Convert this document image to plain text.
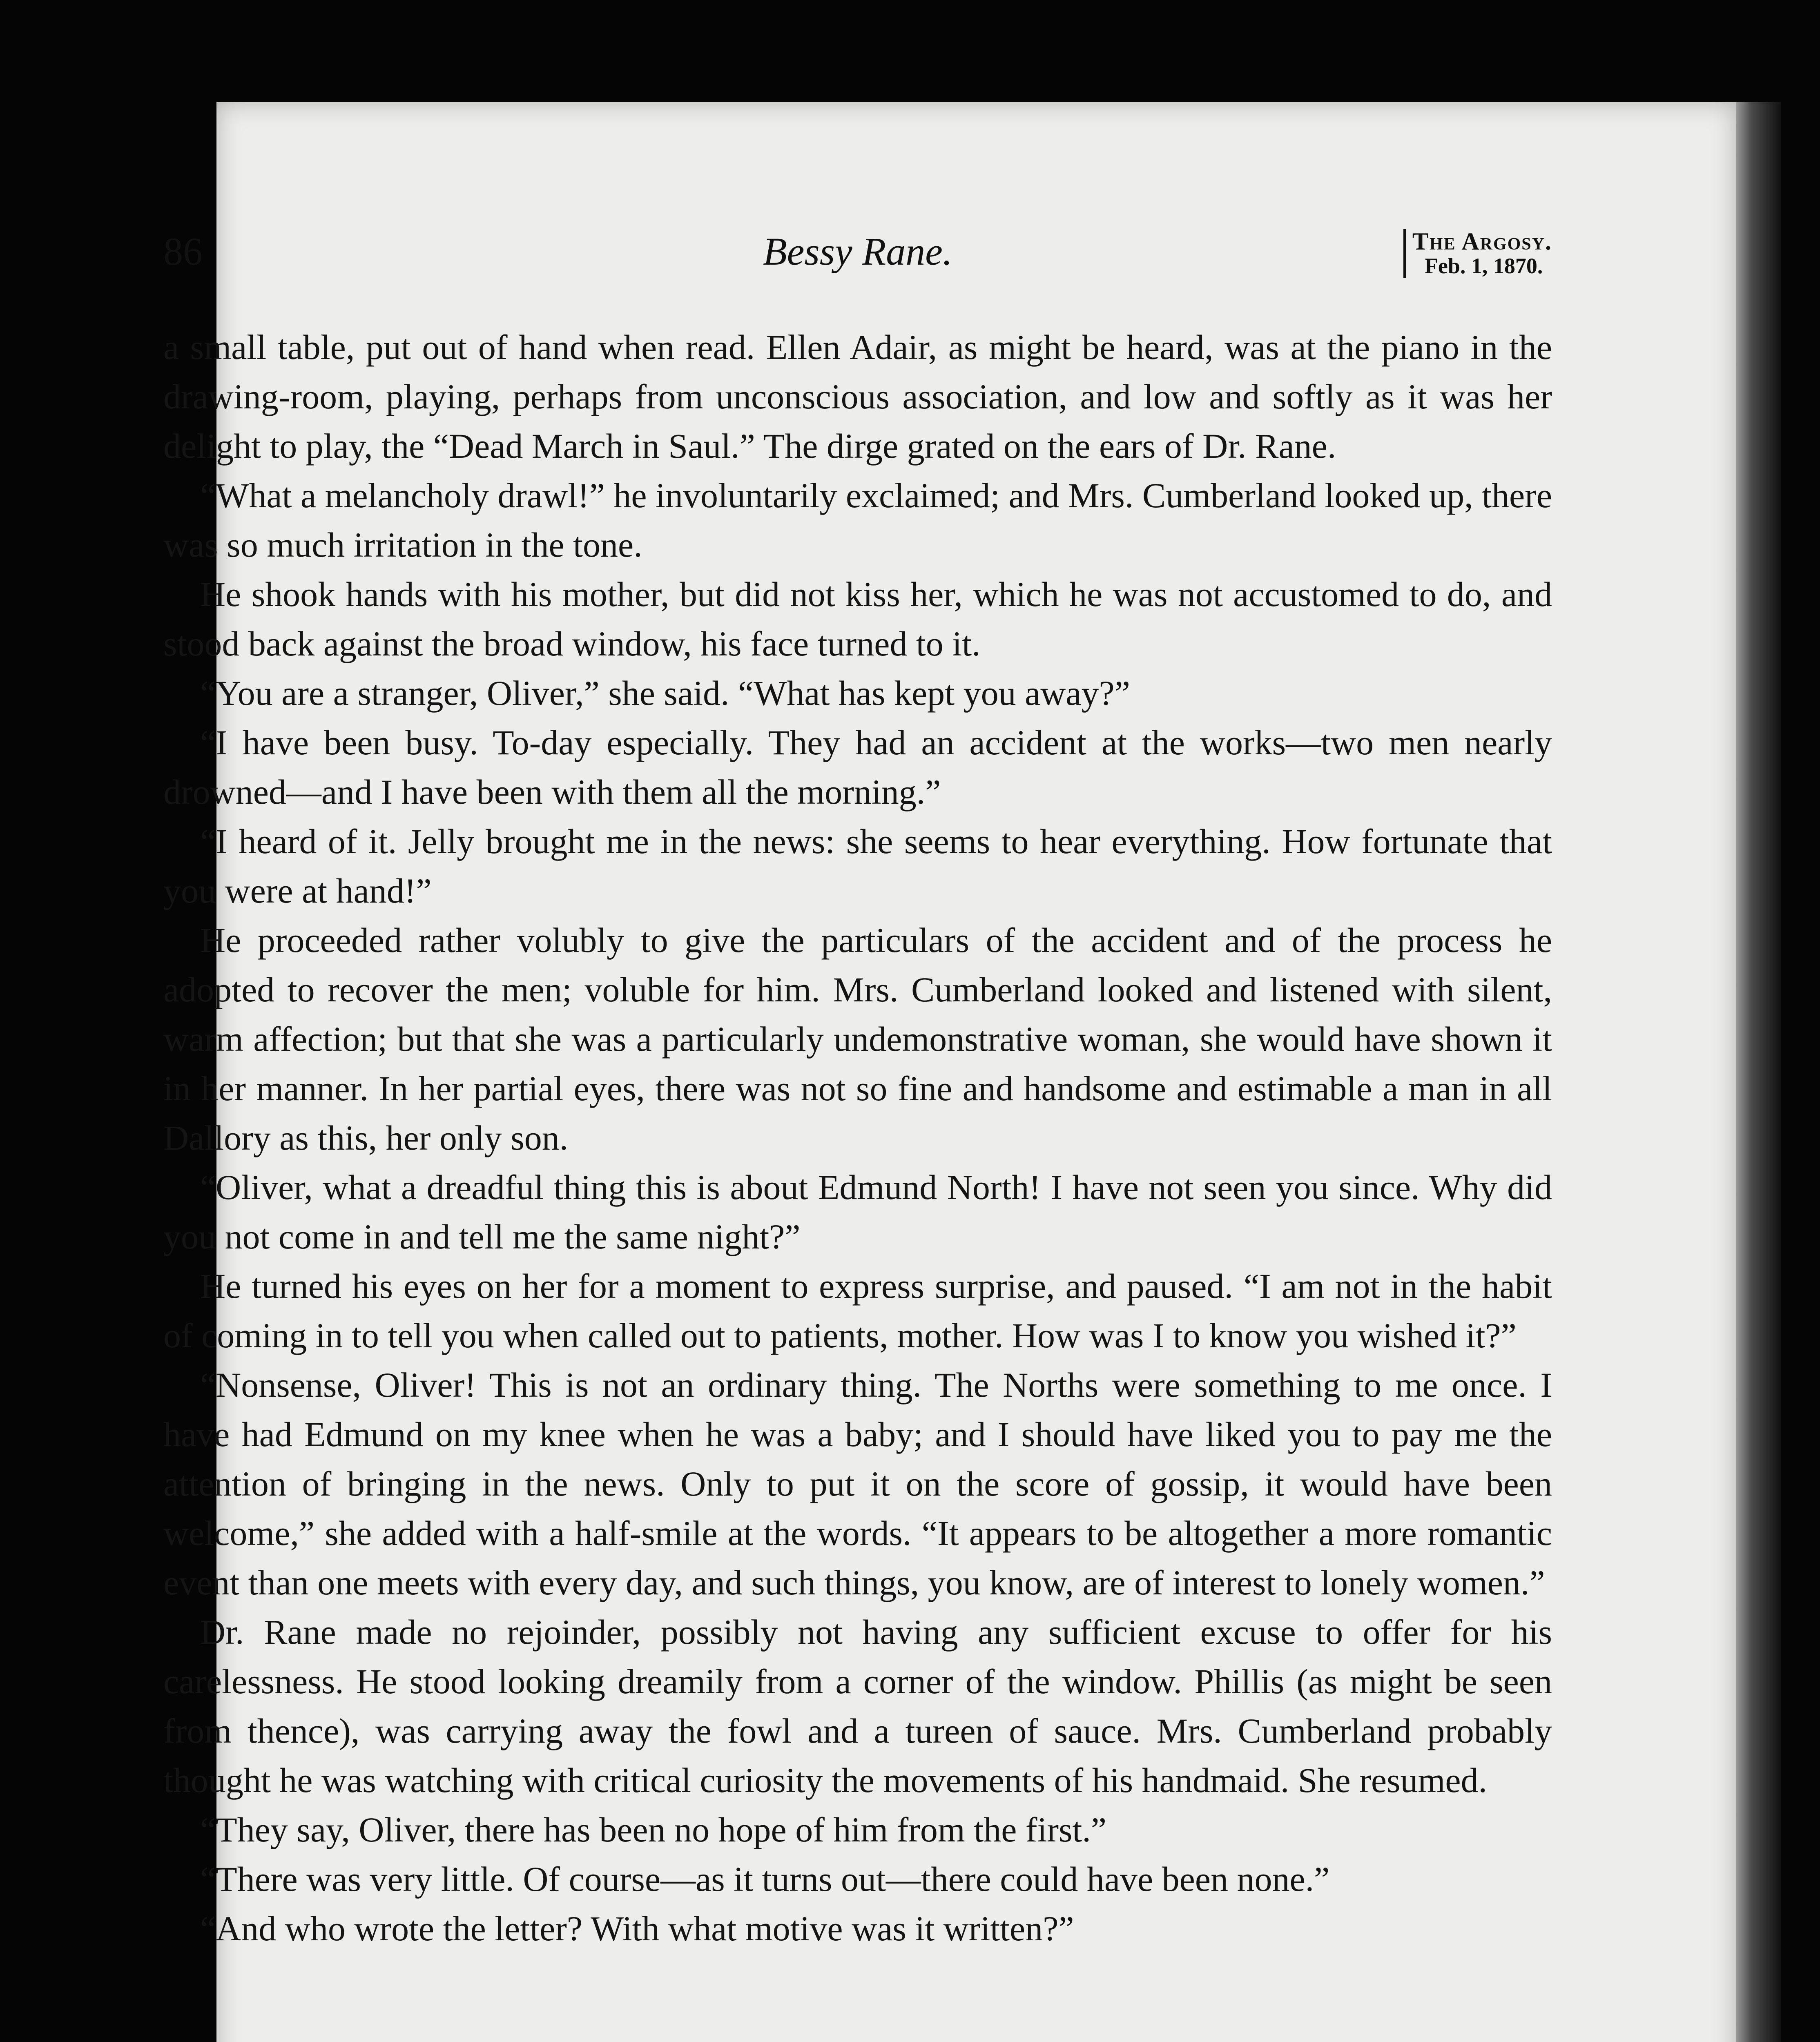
86	Bessy Rane.	The Argosy.
Feb. 1, 1870.

a small table, put out of hand when read. Ellen Adair, as might be heard, was at the piano in the drawing-room, playing, perhaps from unconscious association, and low and softly as it was her delight to play, the “Dead March in Saul.” The dirge grated on the ears of Dr. Rane.

“What a melancholy drawl!” he involuntarily exclaimed; and Mrs. Cumberland looked up, there was so much irritation in the tone.

He shook hands with his mother, but did not kiss her, which he was not accustomed to do, and stood back against the broad window, his face turned to it.

“You are a stranger, Oliver,” she said. “What has kept you away?”

“I have been busy. To-day especially. They had an accident at the works—two men nearly drowned—and I have been with them all the morning.”

“I heard of it. Jelly brought me in the news: she seems to hear everything. How fortunate that you were at hand!”

He proceeded rather volubly to give the particulars of the accident and of the process he adopted to recover the men; voluble for him. Mrs. Cumberland looked and listened with silent, warm affection; but that she was a particularly undemonstrative woman, she would have shown it in her manner. In her partial eyes, there was not so fine and handsome and estimable a man in all Dallory as this, her only son.

“Oliver, what a dreadful thing this is about Edmund North! I have not seen you since. Why did you not come in and tell me the same night?”

He turned his eyes on her for a moment to express surprise, and paused. “I am not in the habit of coming in to tell you when called out to patients, mother. How was I to know you wished it?”

“Nonsense, Oliver! This is not an ordinary thing. The Norths were something to me once. I have had Edmund on my knee when he was a baby; and I should have liked you to pay me the attention of bringing in the news. Only to put it on the score of gossip, it would have been welcome,” she added with a half-smile at the words. “It appears to be altogether a more romantic event than one meets with every day, and such things, you know, are of interest to lonely women.”

Dr. Rane made no rejoinder, possibly not having any sufficient excuse to offer for his carelessness. He stood looking dreamily from a corner of the window. Phillis (as might be seen from thence), was carrying away the fowl and a tureen of sauce. Mrs. Cumberland probably thought he was watching with critical curiosity the movements of his handmaid. She resumed.

“They say, Oliver, there has been no hope of him from the first.”

“There was very little. Of course—as it turns out—there could have been none.”

“And who wrote the letter? With what motive was it written?”
